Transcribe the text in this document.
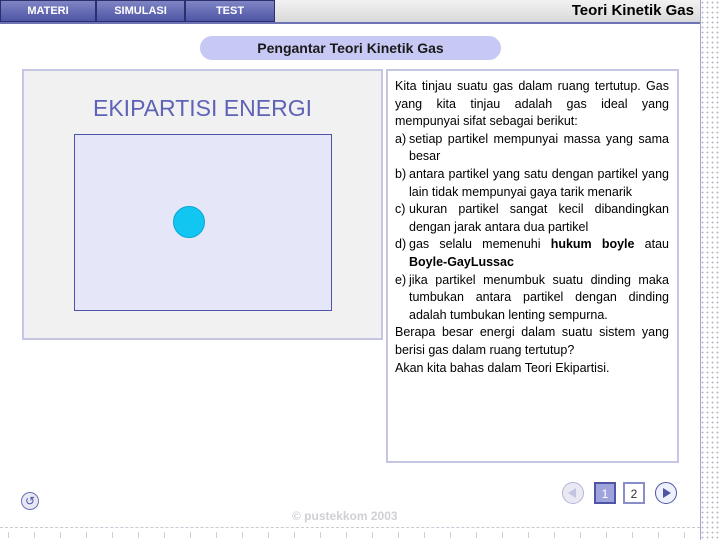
MATERI	SIMULASI	TEST	Teori Kinetik Gas
Pengantar Teori Kinetik Gas
EKIPARTISI ENERGI
Kita tinjau suatu gas dalam ruang tertutup. Gas yang kita tinjau adalah gas ideal yang mempunyai sifat sebagai berikut:
a) setiap partikel mempunyai massa yang sama besar
b) antara partikel yang satu dengan partikel yang lain tidak mempunyai gaya tarik menarik
c) ukuran partikel sangat kecil dibandingkan dengan jarak antara dua partikel
d) gas selalu memenuhi hukum boyle atau Boyle-GayLussac
e) jika partikel menumbuk suatu dinding maka tumbukan antara partikel dengan dinding adalah tumbukan lenting sempurna.
Berapa besar energi dalam suatu sistem yang berisi gas dalam ruang tertutup?
Akan kita bahas dalam Teori Ekipartisi.
↺	1	2
© pustekkom 2003
